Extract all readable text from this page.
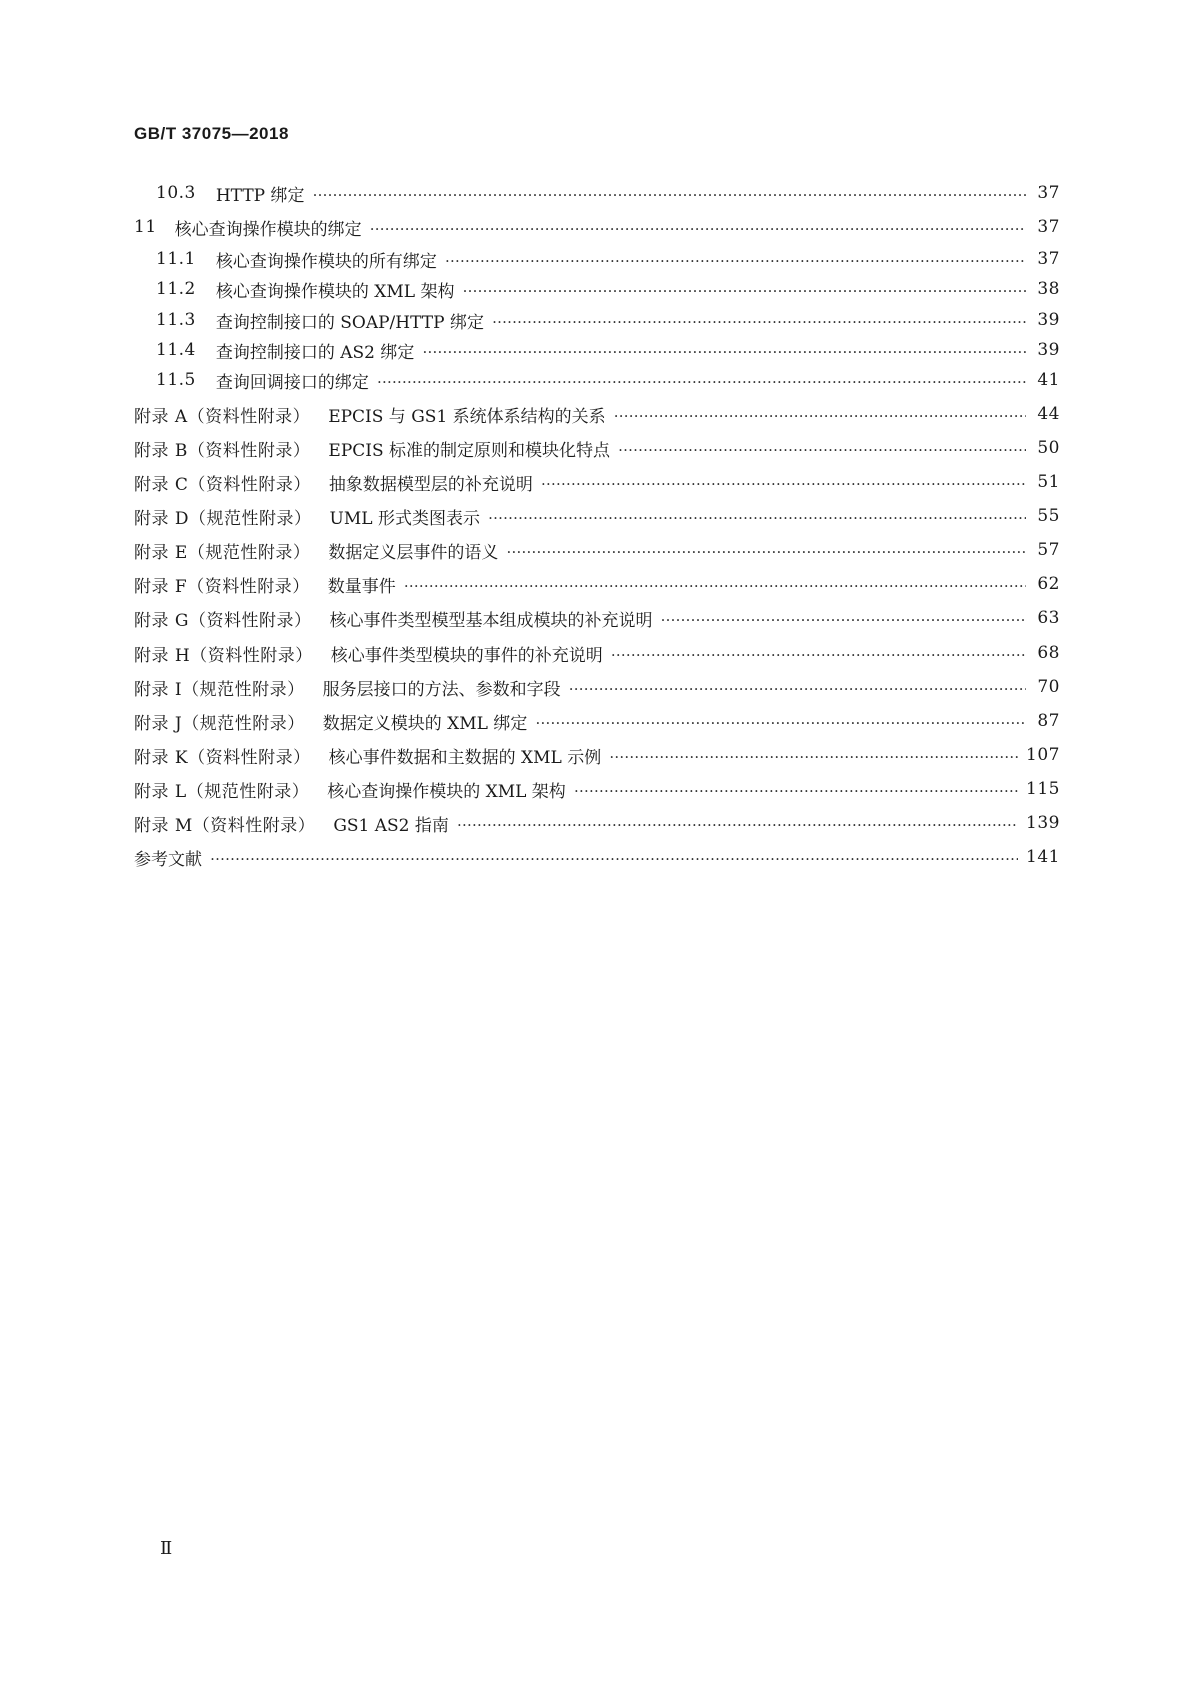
GB/T 37075—2018
10.3 HTTP 绑定 …………………………………………………………………………………………………………………………………………………………………………………………………………………………………………	37
11 核心查询操作模块的绑定 …………………………………………………………………………………………………………………………………………………………………………………………………………………………………………	37
11.1 核心查询操作模块的所有绑定 …………………………………………………………………………………………………………………………………………………………………………………………………………………………………………	37
11.2 核心查询操作模块的 XML 架构 …………………………………………………………………………………………………………………………………………………………………………………………………………………………………………	38
11.3 查询控制接口的 SOAP/HTTP 绑定 …………………………………………………………………………………………………………………………………………………………………………………………………………………………………………	39
11.4 查询控制接口的 AS2 绑定 …………………………………………………………………………………………………………………………………………………………………………………………………………………………………………	39
11.5 查询回调接口的绑定 …………………………………………………………………………………………………………………………………………………………………………………………………………………………………………	41
附录 A（资料性附录） EPCIS 与 GS1 系统体系结构的关系 …………………………………………………………………………………………………………………………………………………………………………………………………………………………………………	44
附录 B（资料性附录） EPCIS 标准的制定原则和模块化特点 …………………………………………………………………………………………………………………………………………………………………………………………………………………………………………	50
附录 C（资料性附录） 抽象数据模型层的补充说明 …………………………………………………………………………………………………………………………………………………………………………………………………………………………………………	51
附录 D（规范性附录） UML 形式类图表示 …………………………………………………………………………………………………………………………………………………………………………………………………………………………………………	55
附录 E（规范性附录） 数据定义层事件的语义 …………………………………………………………………………………………………………………………………………………………………………………………………………………………………………	57
附录 F（资料性附录） 数量事件 …………………………………………………………………………………………………………………………………………………………………………………………………………………………………………	62
附录 G（资料性附录） 核心事件类型模型基本组成模块的补充说明 …………………………………………………………………………………………………………………………………………………………………………………………………………………………………………	63
附录 H（资料性附录） 核心事件类型模块的事件的补充说明 …………………………………………………………………………………………………………………………………………………………………………………………………………………………………………	68
附录 I（规范性附录） 服务层接口的方法、参数和字段 …………………………………………………………………………………………………………………………………………………………………………………………………………………………………………	70
附录 J（规范性附录） 数据定义模块的 XML 绑定 …………………………………………………………………………………………………………………………………………………………………………………………………………………………………………	87
附录 K（资料性附录） 核心事件数据和主数据的 XML 示例 …………………………………………………………………………………………………………………………………………………………………………………………………………………………………………	107
附录 L（规范性附录） 核心查询操作模块的 XML 架构 …………………………………………………………………………………………………………………………………………………………………………………………………………………………………………	115
附录 M（资料性附录） GS1 AS2 指南 …………………………………………………………………………………………………………………………………………………………………………………………………………………………………………	139
参考文献 …………………………………………………………………………………………………………………………………………………………………………………………………………………………………………	141
Ⅱ
